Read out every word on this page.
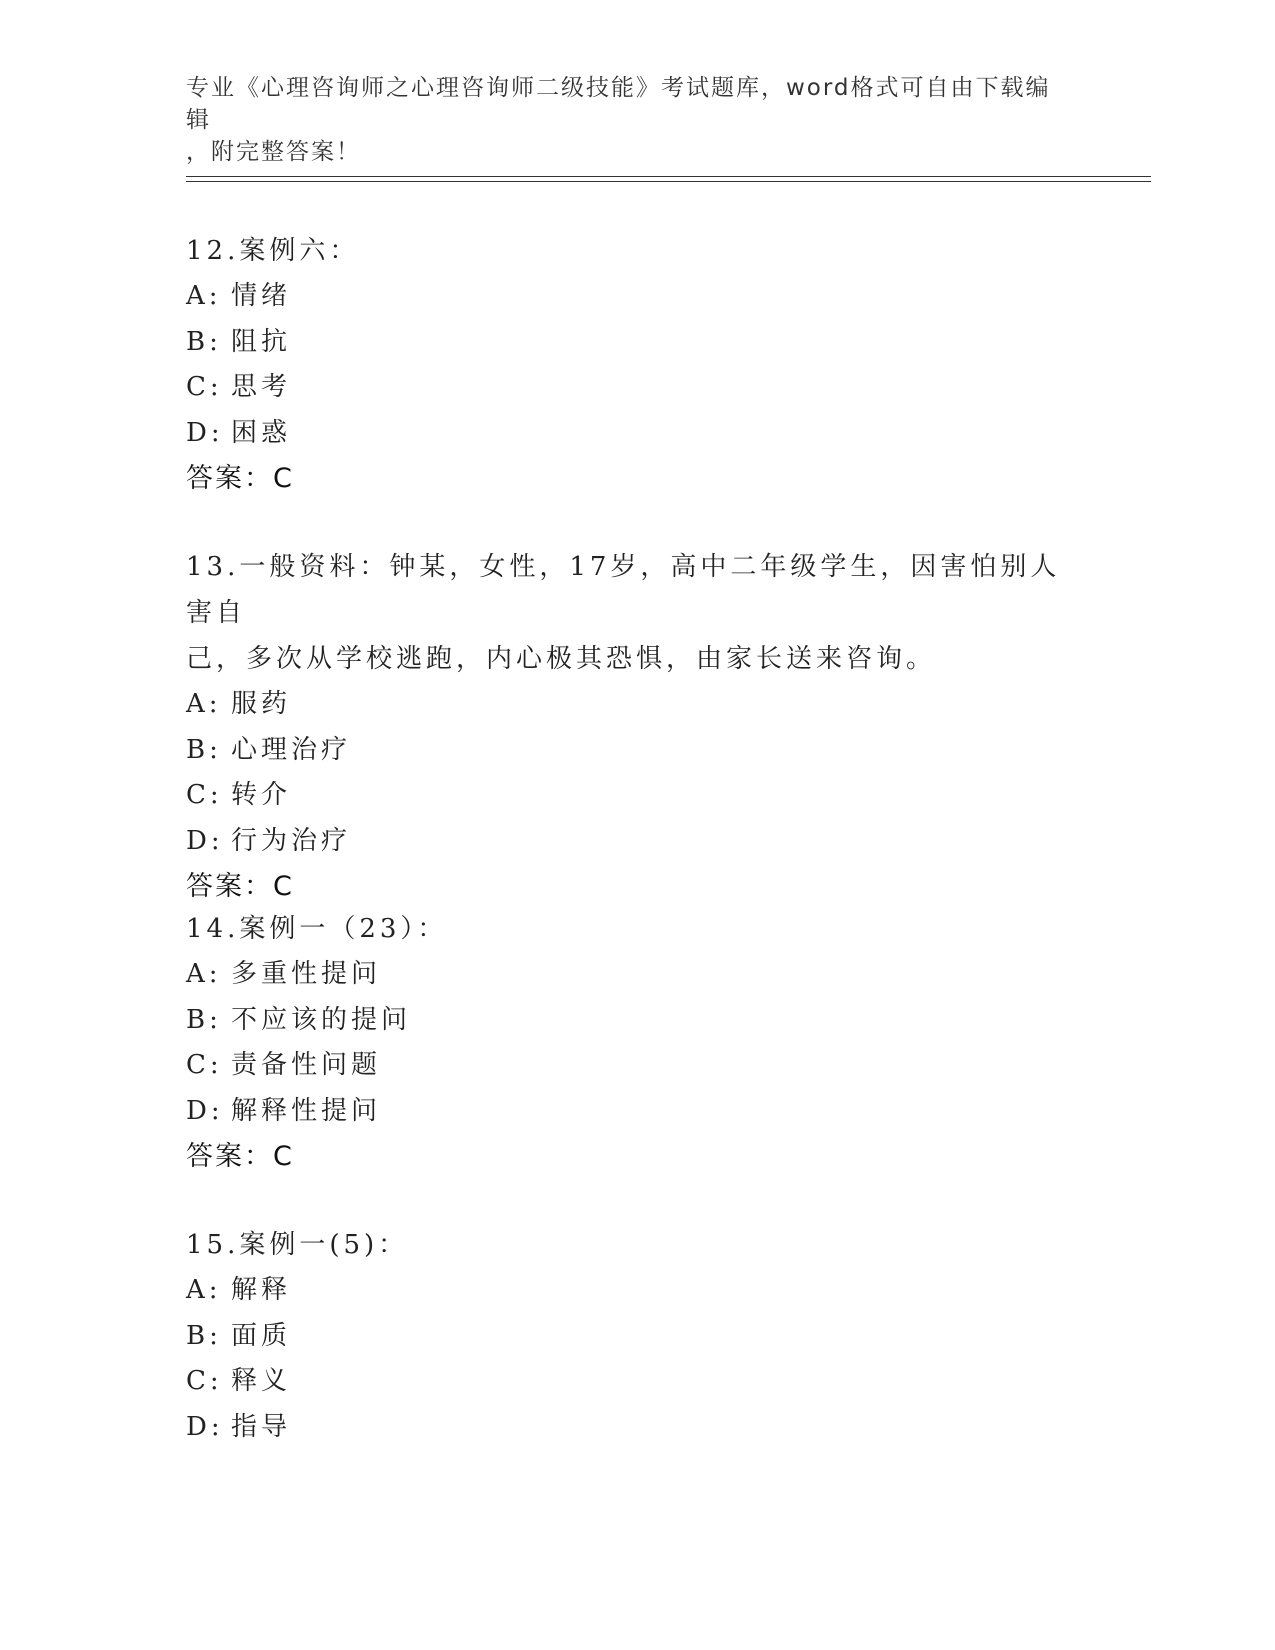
专业《心理咨询师之心理咨询师二级技能》考试题库，word格式可自由下载编辑
，附完整答案！

12.案例六：

A: 情绪

B: 阻抗

C: 思考

D: 困惑

答案：C

13.一般资料：钟某，女性，17岁，高中二年级学生，因害怕别人害自

己，多次从学校逃跑，内心极其恐惧，由家长送来咨询。

A: 服药

B: 心理治疗

C: 转介

D: 行为治疗

答案：C

14.案例一（23）：

A: 多重性提问

B: 不应该的提问

C: 责备性问题

D: 解释性提问

答案：C

15.案例一(5)：

A: 解释

B: 面质

C: 释义

D: 指导
